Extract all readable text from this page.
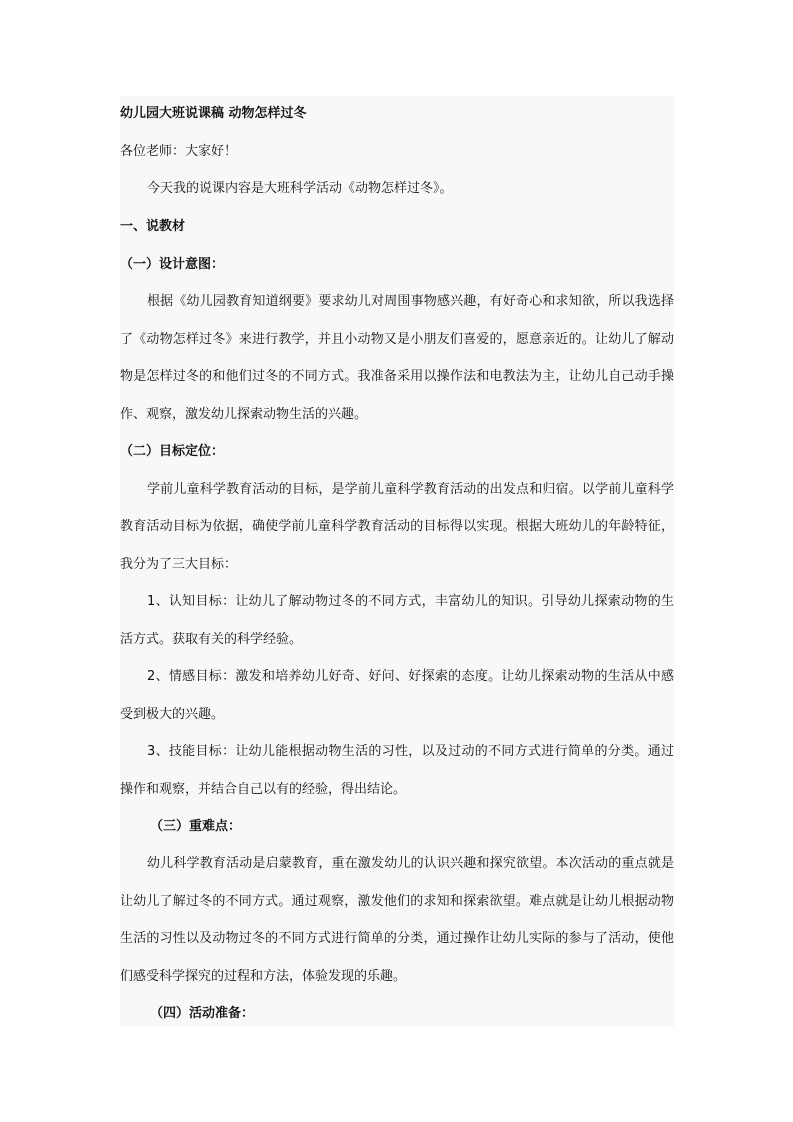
幼儿园大班说课稿 动物怎样过冬
各位老师：大家好！
今天我的说课内容是大班科学活动《动物怎样过冬》。
一、说教材
（一）设计意图：
根据《幼儿园教育知道纲要》要求幼儿对周围事物感兴趣，有好奇心和求知欲，所以我选择
了《动物怎样过冬》来进行教学，并且小动物又是小朋友们喜爱的，愿意亲近的。让幼儿了解动
物是怎样过冬的和他们过冬的不同方式。我准备采用以操作法和电教法为主，让幼儿自己动手操
作、观察，激发幼儿探索动物生活的兴趣。
（二）目标定位：
学前儿童科学教育活动的目标，是学前儿童科学教育活动的出发点和归宿。以学前儿童科学
教育活动目标为依据，确使学前儿童科学教育活动的目标得以实现。根据大班幼儿的年龄特征，
我分为了三大目标：
1、认知目标：让幼儿了解动物过冬的不同方式，丰富幼儿的知识。引导幼儿探索动物的生
活方式。获取有关的科学经验。
2、情感目标：激发和培养幼儿好奇、好问、好探索的态度。让幼儿探索动物的生活从中感
受到极大的兴趣。
3、技能目标：让幼儿能根据动物生活的习性，以及过动的不同方式进行简单的分类。通过
操作和观察，并结合自己以有的经验，得出结论。
（三）重难点：
幼儿科学教育活动是启蒙教育，重在激发幼儿的认识兴趣和探究欲望。本次活动的重点就是
让幼儿了解过冬的不同方式。通过观察，激发他们的求知和探索欲望。难点就是让幼儿根据动物
生活的习性以及动物过冬的不同方式进行简单的分类，通过操作让幼儿实际的参与了活动，使他
们感受科学探究的过程和方法，体验发现的乐趣。
（四）活动准备：
